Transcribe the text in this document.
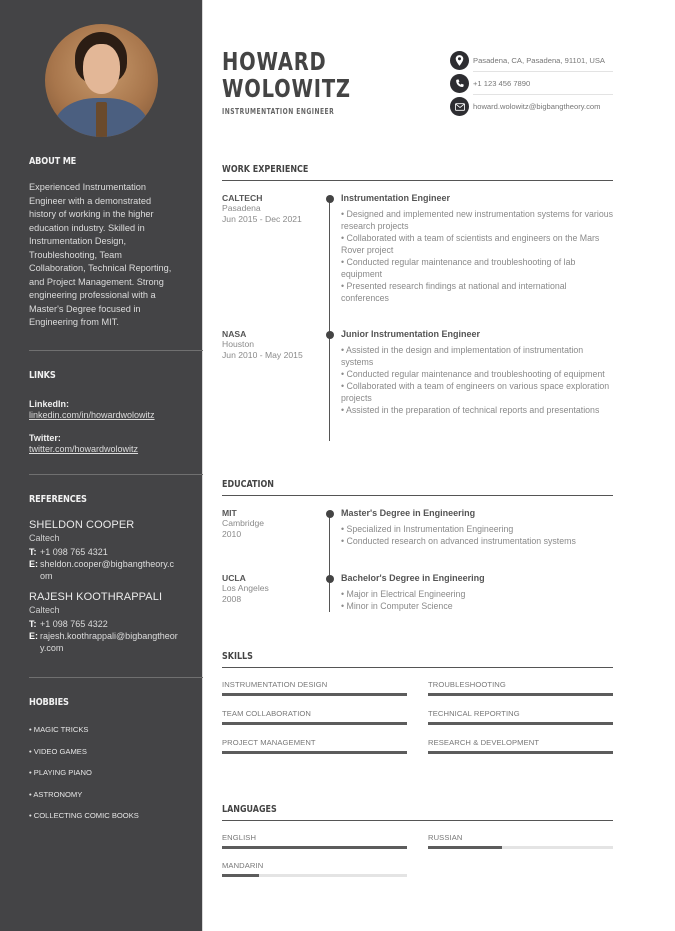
ABOUT ME
Experienced Instrumentation Engineer with a demonstrated history of working in the higher education industry. Skilled in Instrumentation Design, Troubleshooting, Team Collaboration, Technical Reporting, and Project Management. Strong engineering professional with a Master's Degree focused in Engineering from MIT.
LINKS
LinkedIn:
linkedin.com/in/howardwolowitz
Twitter:
twitter.com/howardwolowitz
REFERENCES
SHELDON COOPER
Caltech
T: +1 098 765 4321
E: sheldon.cooper@bigbangtheory.com
RAJESH KOOTHRAPPALI
Caltech
T: +1 098 765 4322
E: rajesh.koothrappali@bigbangtheory.com
HOBBIES
• MAGIC TRICKS
• VIDEO GAMES
• PLAYING PIANO
• ASTRONOMY
• COLLECTING COMIC BOOKS
HOWARD
WOLOWITZ
INSTRUMENTATION ENGINEER
Pasadena, CA, Pasadena, 91101, USA
+1 123 456 7890
howard.wolowitz@bigbangtheory.com
WORK EXPERIENCE
CALTECH
Pasadena
Jun 2015 - Dec 2021
Instrumentation Engineer
• Designed and implemented new instrumentation systems for various research projects
• Collaborated with a team of scientists and engineers on the Mars Rover project
• Conducted regular maintenance and troubleshooting of lab equipment
• Presented research findings at national and international conferences
NASA
Houston
Jun 2010 - May 2015
Junior Instrumentation Engineer
• Assisted in the design and implementation of instrumentation systems
• Conducted regular maintenance and troubleshooting of equipment
• Collaborated with a team of engineers on various space exploration projects
• Assisted in the preparation of technical reports and presentations
EDUCATION
MIT
Cambridge
2010
Master's Degree in Engineering
• Specialized in Instrumentation Engineering
• Conducted research on advanced instrumentation systems
UCLA
Los Angeles
2008
Bachelor's Degree in Engineering
• Major in Electrical Engineering
• Minor in Computer Science
SKILLS
INSTRUMENTATION DESIGN	TROUBLESHOOTING
TEAM COLLABORATION	TECHNICAL REPORTING
PROJECT MANAGEMENT	RESEARCH & DEVELOPMENT
LANGUAGES
ENGLISH	RUSSIAN
MANDARIN
